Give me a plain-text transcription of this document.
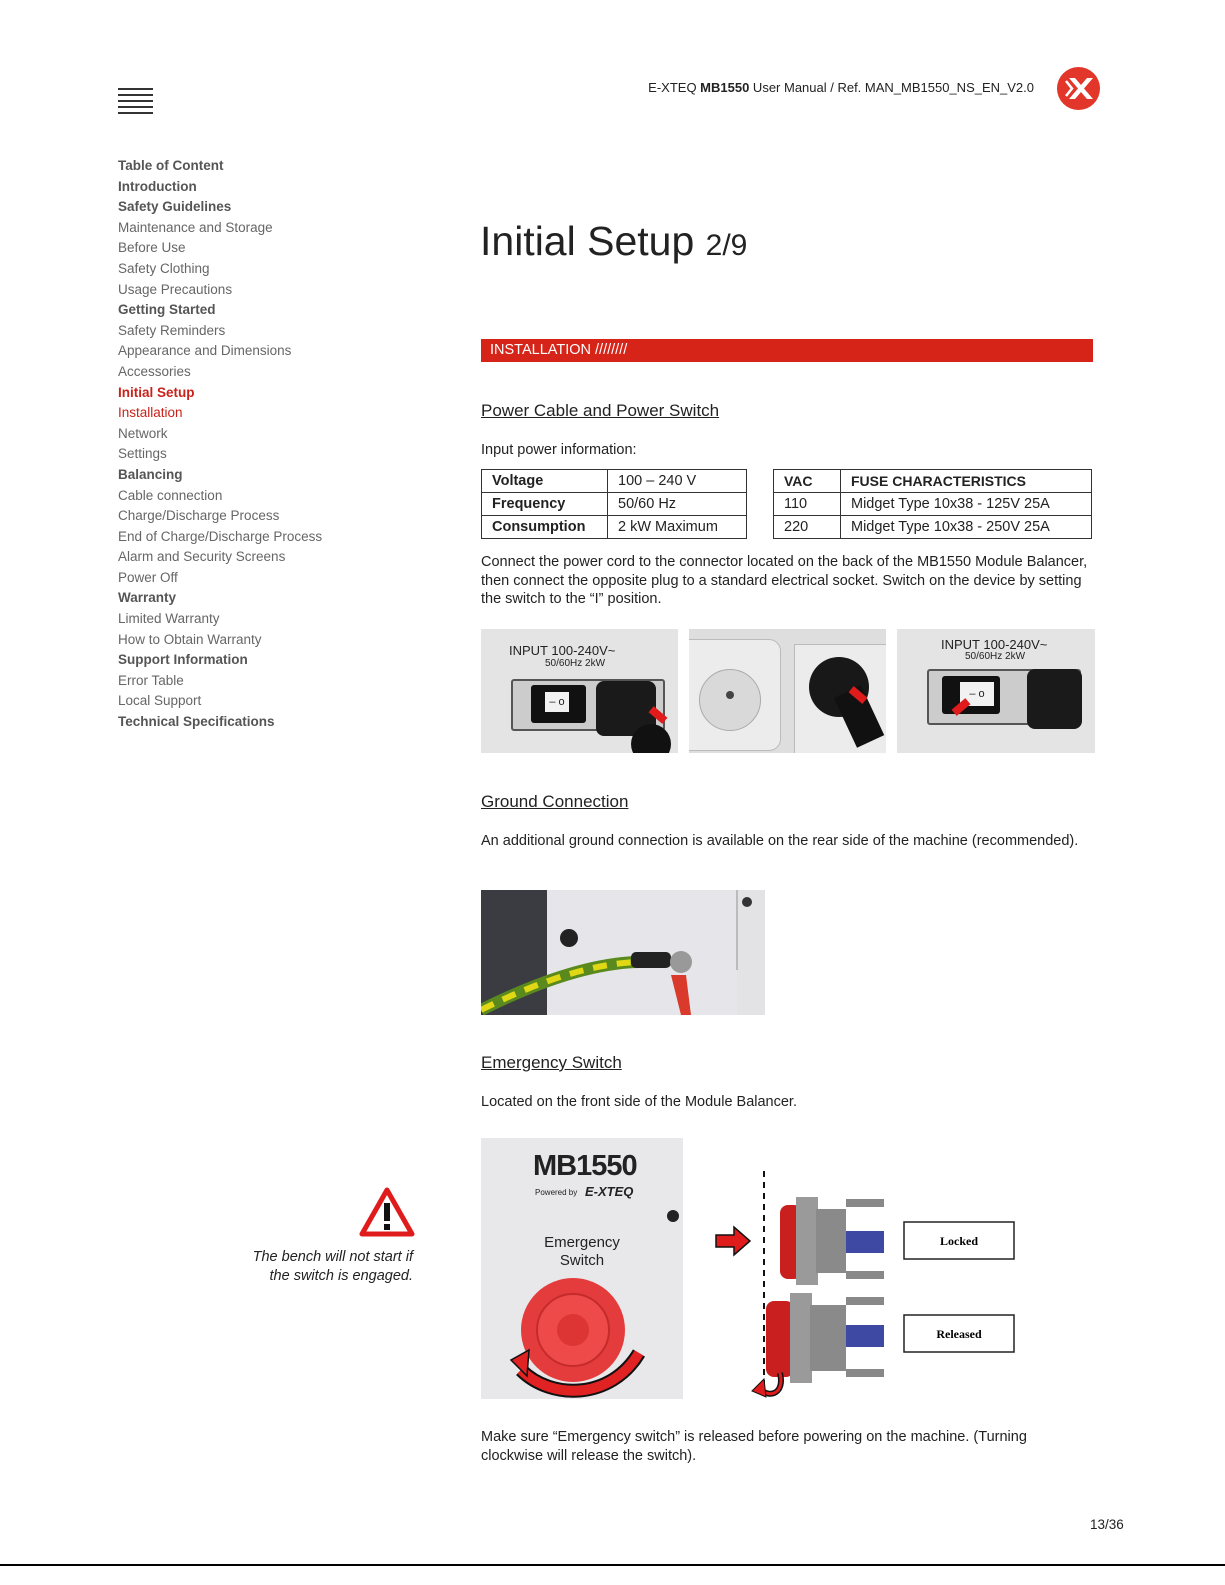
E-XTEQ MB1550 User Manual / Ref. MAN_MB1550_NS_EN_V2.0
Table of Content
Introduction
Safety Guidelines
Maintenance and Storage
Before Use
Safety Clothing
Usage Precautions
Getting Started
Safety Reminders
Appearance and Dimensions
Accessories
Initial Setup
Installation
Network
Settings
Balancing
Cable connection
Charge/Discharge Process
End of Charge/Discharge Process
Alarm and Security Screens
Power Off
Warranty
Limited Warranty
How to Obtain Warranty
Support Information
Error Table
Local Support
Technical Specifications
Initial Setup 2/9
INSTALLATION ////////
Power Cable and Power Switch
Input power information:
Voltage	100 – 240 V
Frequency	50/60 Hz
Consumption	2 kW Maximum
VAC	FUSE CHARACTERISTICS
110	Midget Type 10x38 - 125V 25A
220	Midget Type 10x38 - 250V 25A
Connect the power cord to the connector located on the back of the MB1550 Module Balancer, then connect the opposite plug to a standard electrical socket. Switch on the device by setting the switch to the “I” position.
INPUT 100-240V~
50/60Hz 2kW
– o
INPUT 100-240V~
50/60Hz 2kW
– o
Ground Connection
An additional ground connection is available on the rear side of the machine (recommended).
Emergency Switch
Located on the front side of the Module Balancer.
MB1550
Powered by E-XTEQ
Emergency
Switch
Locked
Released
The bench will not start if the switch is engaged.
Make sure “Emergency switch” is released before powering on the machine. (Turning clockwise will release the switch).
13/36
